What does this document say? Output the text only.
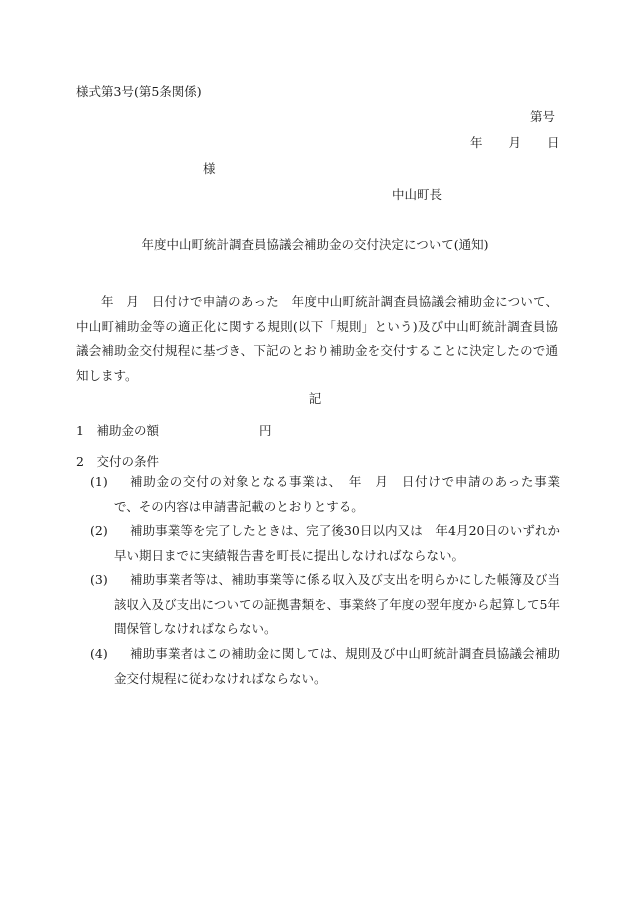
様式第3号(第5条関係)
第号
年 月 日
様
中山町長
年度中山町統計調査員協議会補助金の交付決定について(通知)
年　月　日付けで申請のあった　年度中山町統計調査員協議会補助金について、中山町補助金等の適正化に関する規則(以下「規則」という)及び中山町統計調査員協議会補助金交付規程に基づき、下記のとおり補助金を交付することに決定したので通知します。
記
1　補助金の額	円
2　交付の条件
(1)	補助金の交付の対象となる事業は、　年　月　日付けで申請のあった事業で、その内容は申請書記載のとおりとする。
(2)	補助事業等を完了したときは、完了後30日以内又は　年4月20日のいずれか早い期日までに実績報告書を町長に提出しなければならない。
(3)	補助事業者等は、補助事業等に係る収入及び支出を明らかにした帳簿及び当該収入及び支出についての証拠書類を、事業終了年度の翌年度から起算して5年間保管しなければならない。
(4)	補助事業者はこの補助金に関しては、規則及び中山町統計調査員協議会補助金交付規程に従わなければならない。
